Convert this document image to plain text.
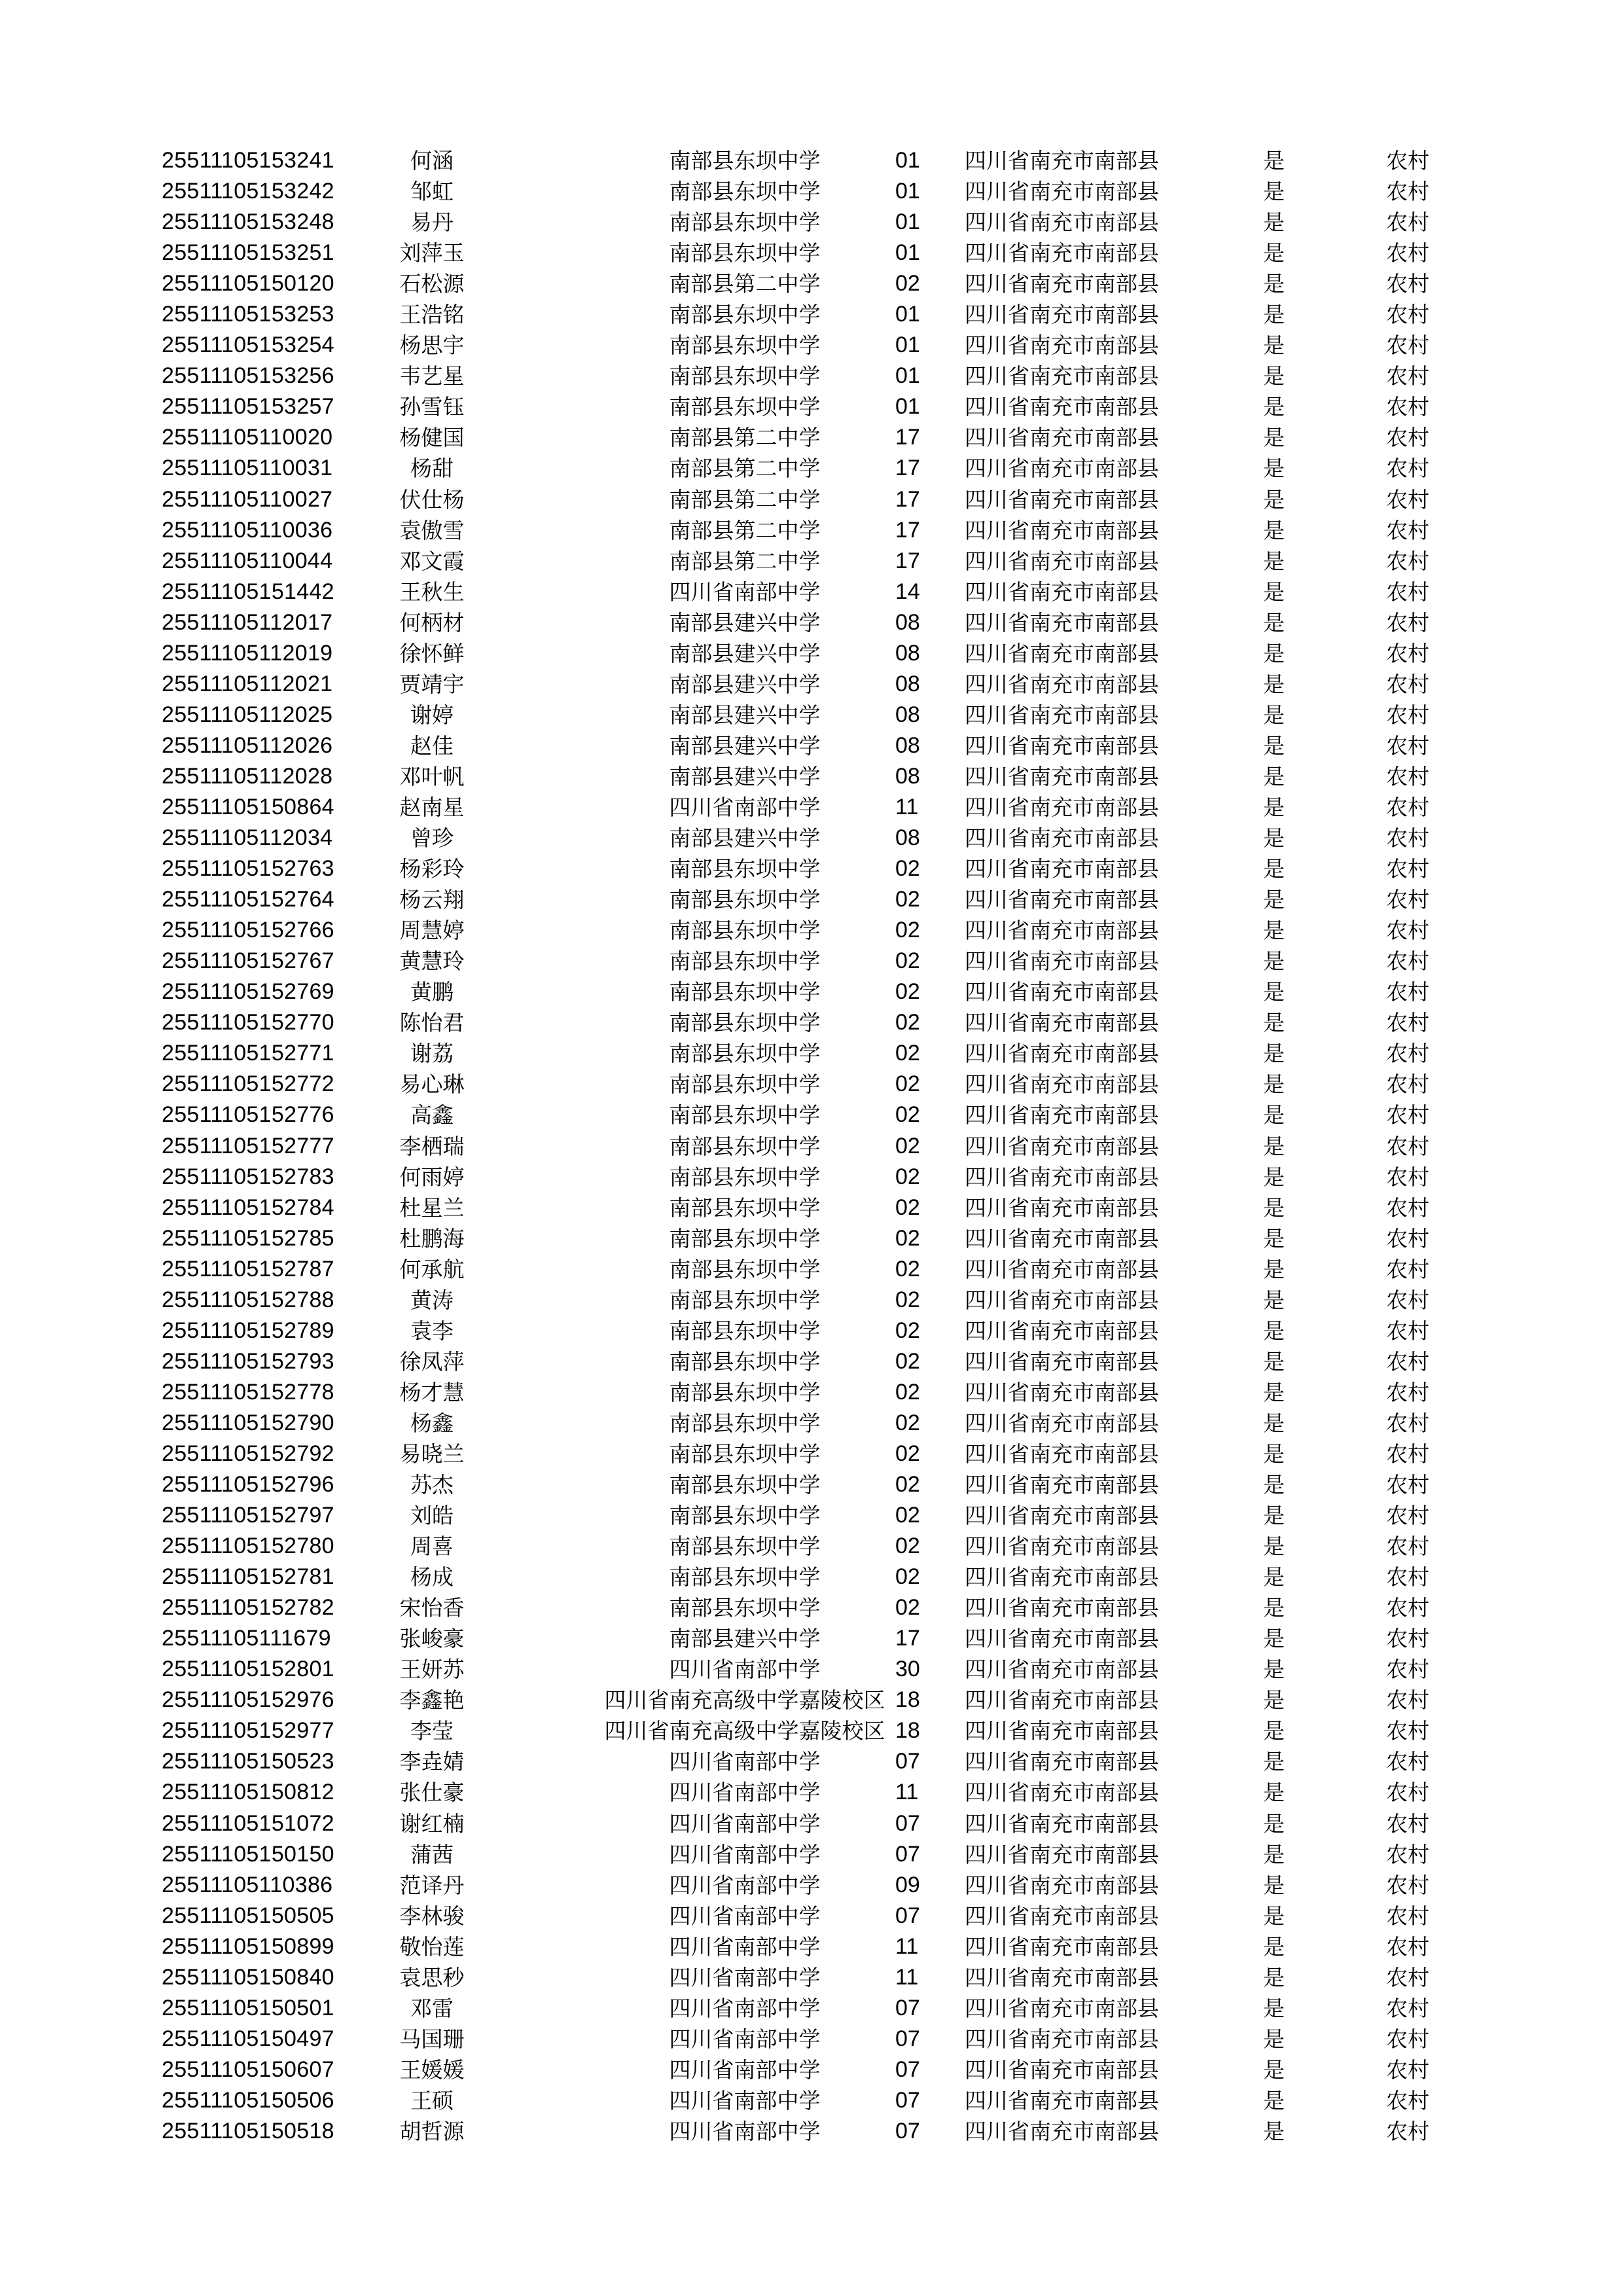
25511105153241	何涵	南部县东坝中学	01 四川省南充市南部县	是	农村
25511105153242	邹虹	南部县东坝中学	01 四川省南充市南部县	是	农村
25511105153248	易丹	南部县东坝中学	01 四川省南充市南部县	是	农村
25511105153251	刘萍玉	南部县东坝中学	01 四川省南充市南部县	是	农村
25511105150120	石松源	南部县第二中学	02 四川省南充市南部县	是	农村
25511105153253	王浩铭	南部县东坝中学	01 四川省南充市南部县	是	农村
25511105153254	杨思宇	南部县东坝中学	01 四川省南充市南部县	是	农村
25511105153256	韦艺星	南部县东坝中学	01 四川省南充市南部县	是	农村
25511105153257	孙雪钰	南部县东坝中学	01 四川省南充市南部县	是	农村
25511105110020	杨健国	南部县第二中学	17 四川省南充市南部县	是	农村
25511105110031	杨甜	南部县第二中学	17 四川省南充市南部县	是	农村
25511105110027	伏仕杨	南部县第二中学	17 四川省南充市南部县	是	农村
25511105110036	袁傲雪	南部县第二中学	17 四川省南充市南部县	是	农村
25511105110044	邓文霞	南部县第二中学	17 四川省南充市南部县	是	农村
25511105151442	王秋生	四川省南部中学	14 四川省南充市南部县	是	农村
25511105112017	何柄材	南部县建兴中学	08 四川省南充市南部县	是	农村
25511105112019	徐怀鲜	南部县建兴中学	08 四川省南充市南部县	是	农村
25511105112021	贾靖宇	南部县建兴中学	08 四川省南充市南部县	是	农村
25511105112025	谢婷	南部县建兴中学	08 四川省南充市南部县	是	农村
25511105112026	赵佳	南部县建兴中学	08 四川省南充市南部县	是	农村
25511105112028	邓叶帆	南部县建兴中学	08 四川省南充市南部县	是	农村
25511105150864	赵南星	四川省南部中学	11 四川省南充市南部县	是	农村
25511105112034	曾珍	南部县建兴中学	08 四川省南充市南部县	是	农村
25511105152763	杨彩玲	南部县东坝中学	02 四川省南充市南部县	是	农村
25511105152764	杨云翔	南部县东坝中学	02 四川省南充市南部县	是	农村
25511105152766	周慧婷	南部县东坝中学	02 四川省南充市南部县	是	农村
25511105152767	黄慧玲	南部县东坝中学	02 四川省南充市南部县	是	农村
25511105152769	黄鹏	南部县东坝中学	02 四川省南充市南部县	是	农村
25511105152770	陈怡君	南部县东坝中学	02 四川省南充市南部县	是	农村
25511105152771	谢荔	南部县东坝中学	02 四川省南充市南部县	是	农村
25511105152772	易心琳	南部县东坝中学	02 四川省南充市南部县	是	农村
25511105152776	高鑫	南部县东坝中学	02 四川省南充市南部县	是	农村
25511105152777	李栖瑞	南部县东坝中学	02 四川省南充市南部县	是	农村
25511105152783	何雨婷	南部县东坝中学	02 四川省南充市南部县	是	农村
25511105152784	杜星兰	南部县东坝中学	02 四川省南充市南部县	是	农村
25511105152785	杜鹏海	南部县东坝中学	02 四川省南充市南部县	是	农村
25511105152787	何承航	南部县东坝中学	02 四川省南充市南部县	是	农村
25511105152788	黄涛	南部县东坝中学	02 四川省南充市南部县	是	农村
25511105152789	袁李	南部县东坝中学	02 四川省南充市南部县	是	农村
25511105152793	徐凤萍	南部县东坝中学	02 四川省南充市南部县	是	农村
25511105152778	杨才慧	南部县东坝中学	02 四川省南充市南部县	是	农村
25511105152790	杨鑫	南部县东坝中学	02 四川省南充市南部县	是	农村
25511105152792	易晓兰	南部县东坝中学	02 四川省南充市南部县	是	农村
25511105152796	苏杰	南部县东坝中学	02 四川省南充市南部县	是	农村
25511105152797	刘皓	南部县东坝中学	02 四川省南充市南部县	是	农村
25511105152780	周喜	南部县东坝中学	02 四川省南充市南部县	是	农村
25511105152781	杨成	南部县东坝中学	02 四川省南充市南部县	是	农村
25511105152782	宋怡香	南部县东坝中学	02 四川省南充市南部县	是	农村
25511105111679	张峻豪	南部县建兴中学	17 四川省南充市南部县	是	农村
25511105152801	王妍苏	四川省南部中学	30 四川省南充市南部县	是	农村
25511105152976	李鑫艳	四川省南充高级中学嘉陵校区 18 四川省南充市南部县	是	农村
25511105152977	李莹	四川省南充高级中学嘉陵校区 18 四川省南充市南部县	是	农村
25511105150523	李垚婧	四川省南部中学	07 四川省南充市南部县	是	农村
25511105150812	张仕豪	四川省南部中学	11 四川省南充市南部县	是	农村
25511105151072	谢红楠	四川省南部中学	07 四川省南充市南部县	是	农村
25511105150150	蒲茜	四川省南部中学	07 四川省南充市南部县	是	农村
25511105110386	范译丹	四川省南部中学	09 四川省南充市南部县	是	农村
25511105150505	李林骏	四川省南部中学	07 四川省南充市南部县	是	农村
25511105150899	敬怡莲	四川省南部中学	11 四川省南充市南部县	是	农村
25511105150840	袁思秒	四川省南部中学	11 四川省南充市南部县	是	农村
25511105150501	邓雷	四川省南部中学	07 四川省南充市南部县	是	农村
25511105150497	马国珊	四川省南部中学	07 四川省南充市南部县	是	农村
25511105150607	王媛媛	四川省南部中学	07 四川省南充市南部县	是	农村
25511105150506	王硕	四川省南部中学	07 四川省南充市南部县	是	农村
25511105150518	胡哲源	四川省南部中学	07 四川省南充市南部县	是	农村
